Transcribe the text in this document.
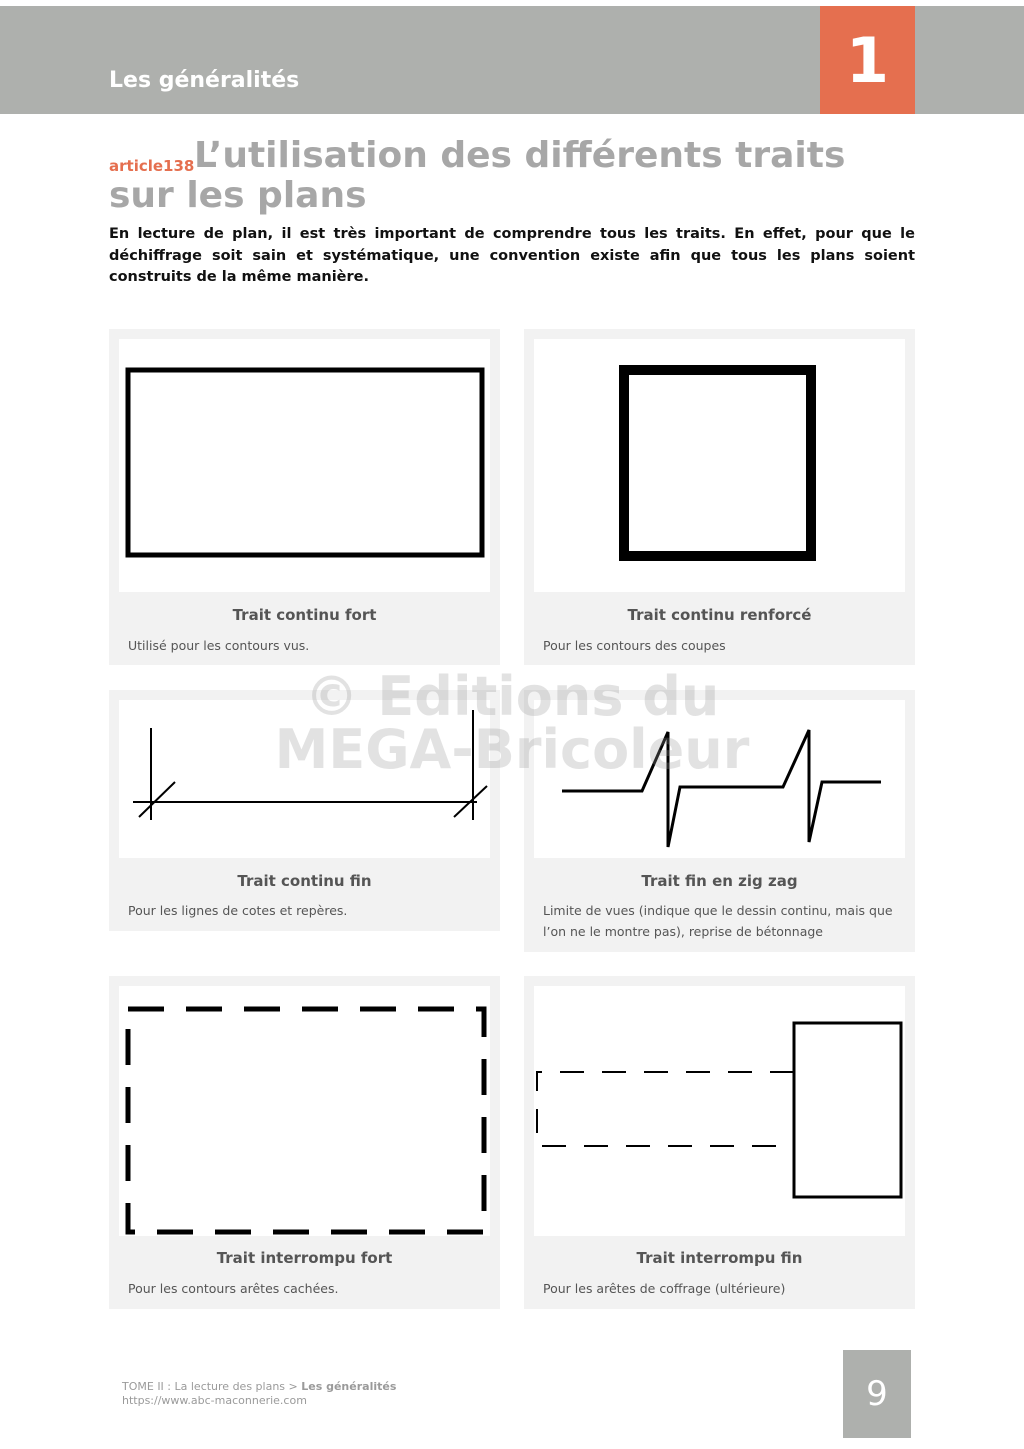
Les généralités	1
article138 L’utilisation des différents traits sur les plans
En lecture de plan, il est très important de comprendre tous les traits. En effet, pour que le déchiffrage soit sain et systématique, une convention existe afin que tous les plans soient construits de la même manière.
Trait continu fort
Utilisé pour les contours vus.
Trait continu renforcé
Pour les contours des coupes
Trait continu fin
Pour les lignes de cotes et repères.
Trait fin en zig zag
Limite de vues (indique que le dessin continu, mais que l’on ne le montre pas), reprise de bétonnage
Trait interrompu fort
Pour les contours arêtes cachées.
Trait interrompu fin
Pour les arêtes de coffrage (ultérieure)
© Editions du
MEGA-Bricoleur
TOME II : La lecture des plans > Les généralités
https://www.abc-maconnerie.com	9
